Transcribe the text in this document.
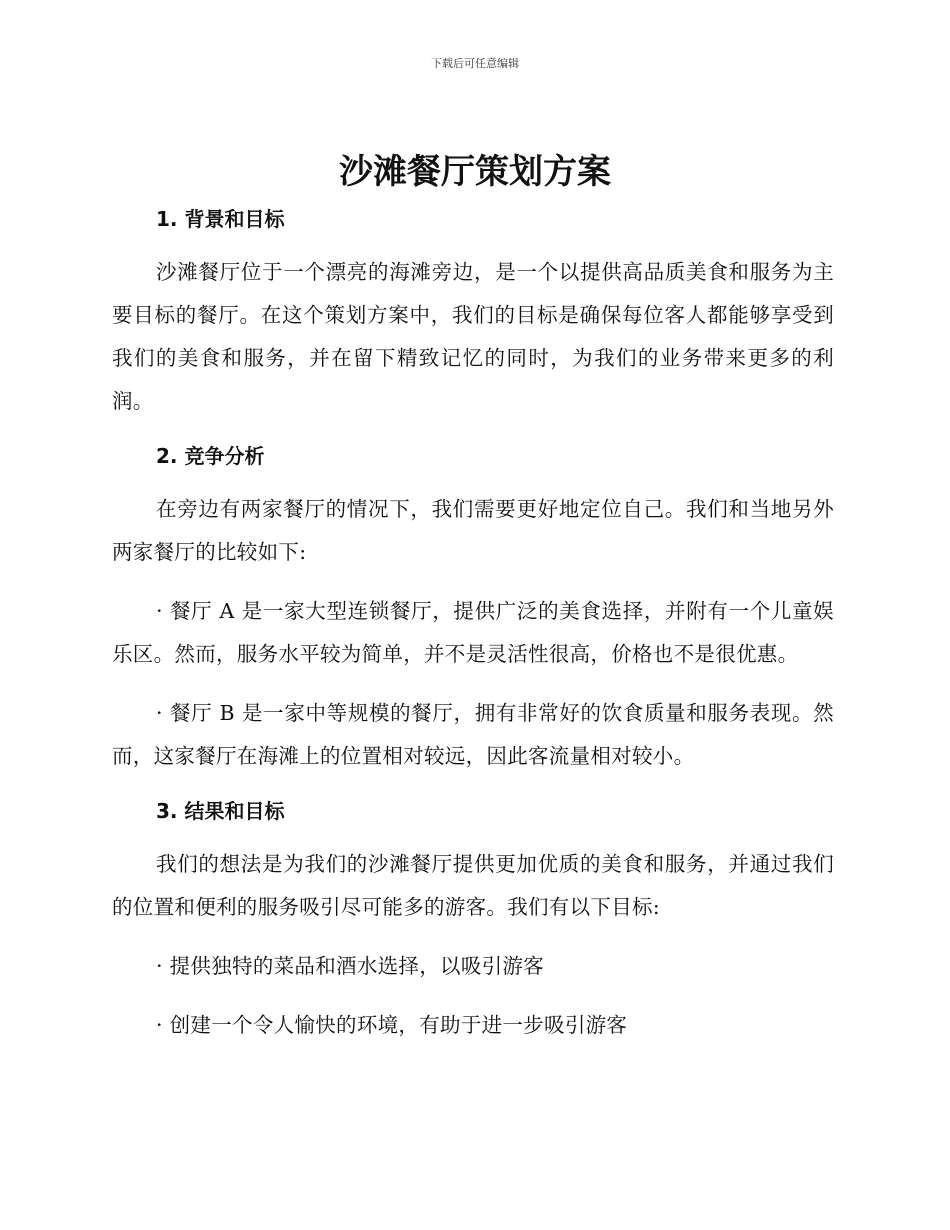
下载后可任意编辑
沙滩餐厅策划方案
1. 背景和目标

沙滩餐厅位于一个漂亮的海滩旁边，是一个以提供高品质美食和服务为主要目标的餐厅。在这个策划方案中，我们的目标是确保每位客人都能够享受到我们的美食和服务，并在留下精致记忆的同时，为我们的业务带来更多的利润。

2. 竞争分析

在旁边有两家餐厅的情况下，我们需要更好地定位自己。我们和当地另外两家餐厅的比较如下:

· 餐厅 A 是一家大型连锁餐厅，提供广泛的美食选择，并附有一个儿童娱乐区。然而，服务水平较为简单，并不是灵活性很高，价格也不是很优惠。

· 餐厅 B 是一家中等规模的餐厅，拥有非常好的饮食质量和服务表现。然而，这家餐厅在海滩上的位置相对较远，因此客流量相对较小。

3. 结果和目标

我们的想法是为我们的沙滩餐厅提供更加优质的美食和服务，并通过我们的位置和便利的服务吸引尽可能多的游客。我们有以下目标:

· 提供独特的菜品和酒水选择，以吸引游客

· 创建一个令人愉快的环境，有助于进一步吸引游客
